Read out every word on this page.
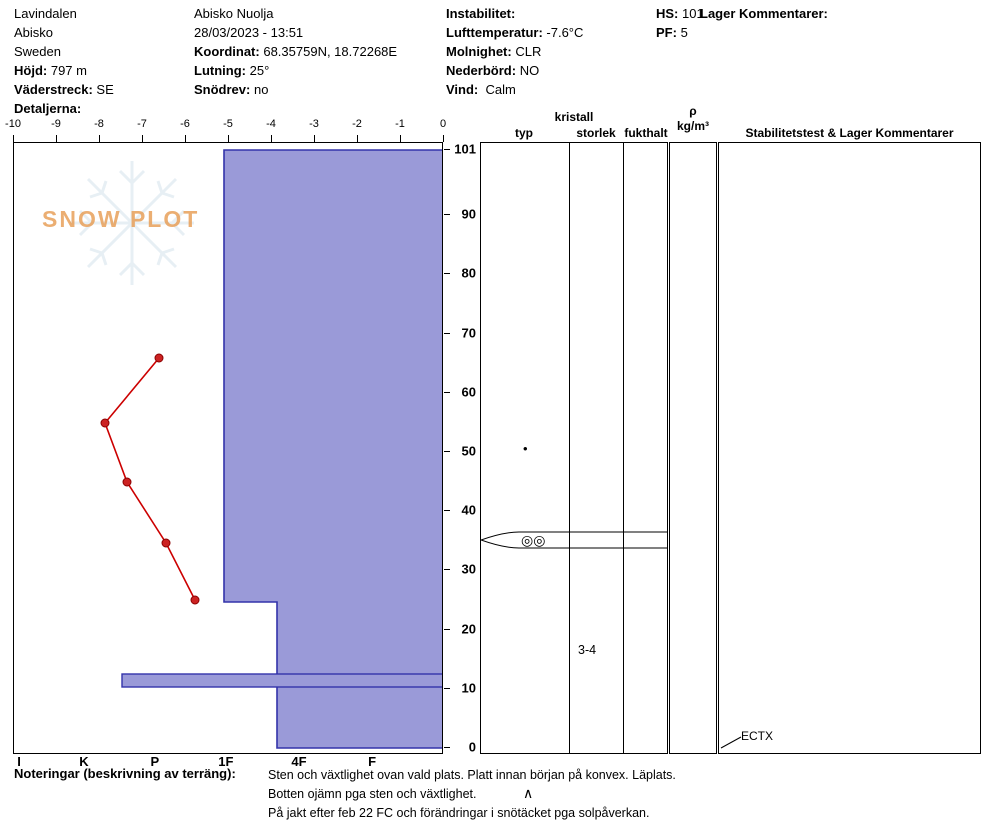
Lavindalen
Abisko
Sweden
Höjd: 797 m
Väderstreck: SE
Detaljerna:
Abisko Nuolja
28/03/2023 - 13:51
Koordinat: 68.35759N, 18.72268E
Lutning: 25°
Snödrev: no
Instabilitet:
Lufttemperatur: -7.6°C
Molnighet: CLR
Nederbörd: NO
Vind: Calm
HS: 101
PF: 5
Lager Kommentarer:
-10	-9	-8	-7	-6	-5	-4	-3	-2	-1	0
SNOW PLOT
I	K	P	1F	4F	F
0
10
20
30
40
50
60
70
80
90
101
kristall
typ	storlek fukthalt
ρ
kg/m³	Stabilitetstest & Lager Kommentarer
•
◎◎
∧
3-4
ECTX
Noteringar (beskrivning av terräng):	Sten och växtlighet ovan vald plats. Platt innan början på konvex. Läplats.
Botten ojämn pga sten och växtlighet.
På jakt efter feb 22 FC och förändringar i snötäcket pga solpåverkan.
